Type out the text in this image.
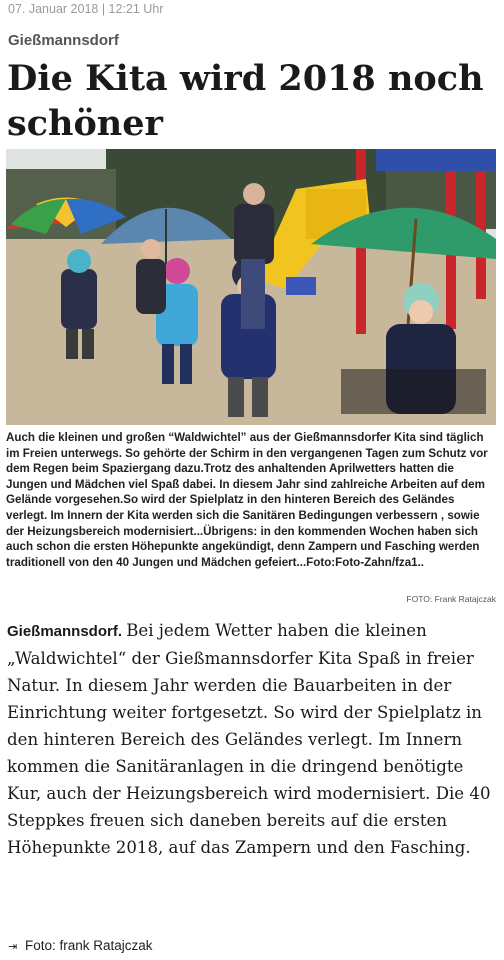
07. Januar 2018 | 12:21 Uhr
Gießmannsdorf
Die Kita wird 2018 noch schöner
Auch die kleinen und großen “Waldwichtel” aus der Gießmannsdorfer Kita sind täglich im Freien unterwegs. So gehörte der Schirm in den vergangenen Tagen zum Schutz vor dem Regen beim Spaziergang dazu.Trotz des anhaltenden Aprilwetters hatten die Jungen und Mädchen viel Spaß dabei. In diesem Jahr sind zahlreiche Arbeiten auf dem Gelände vorgesehen.So wird der Spielplatz in den hinteren Bereich des Geländes verlegt. Im Innern der Kita werden sich die Sanitären Bedingungen verbessern , sowie der Heizungsbereich modernisiert...Übrigens: in den kommenden Wochen haben sich auch schon die ersten Höhepunkte angekündigt, denn Zampern und Fasching werden traditionell von den 40 Jungen und Mädchen gefeiert...Foto:Foto-Zahn/fza1..
FOTO: Frank Ratajczak
Gießmannsdorf. Bei jedem Wetter haben die kleinen „Waldwichtel“ der Gießmannsdorfer Kita Spaß in freier Natur. In diesem Jahr werden die Bauarbeiten in der Einrichtung weiter fortgesetzt. So wird der Spielplatz in den hinteren Bereich des Geländes verlegt. Im Innern kommen die Sanitäranlagen in die dringend benötigte Kur, auch der Heizungsbereich wird modernisiert. Die 40 Steppkes freuen sich daneben bereits auf die ersten Höhepunkte 2018, auf das Zampern und den Fasching.
⇥ Foto: frank Ratajczak
